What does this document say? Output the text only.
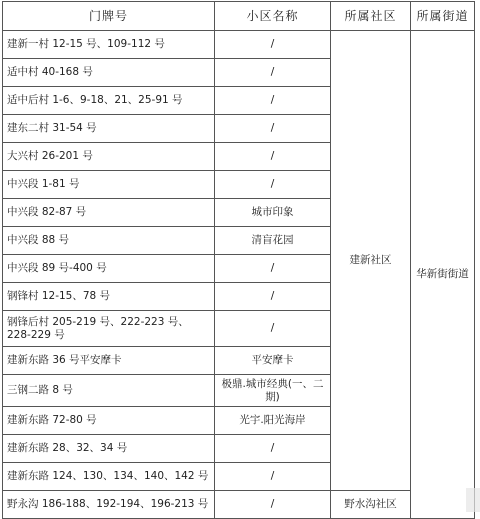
门牌号	小区名称	所属社区	所属街道
建新一村 12-15 号、109-112 号	/	建新社区	华新街街道
适中村 40-168 号	/		
适中后村 1-6、9-18、21、25-91 号	/		
建东二村 31-54 号	/		
大兴村 26-201 号	/		
中兴段 1-81 号	/		
中兴段 82-87 号	城市印象		
中兴段 88 号	清盲花园		
中兴段 89 号-400 号	/		
钢锋村 12-15、78 号	/		
钢锋后村 205-219 号、222-223 号、228-229 号	/		
建新东路 36 号平安摩卡	平安摩卡		
三钢二路 8 号	极鼎.城市经典(一、二期)		
建新东路 72-80 号	光宇.阳光海岸		
建新东路 28、32、34 号	/		
建新东路 124、130、134、140、142 号	/		
野永沟 186-188、192-194、196-213 号	/	野水沟社区	
